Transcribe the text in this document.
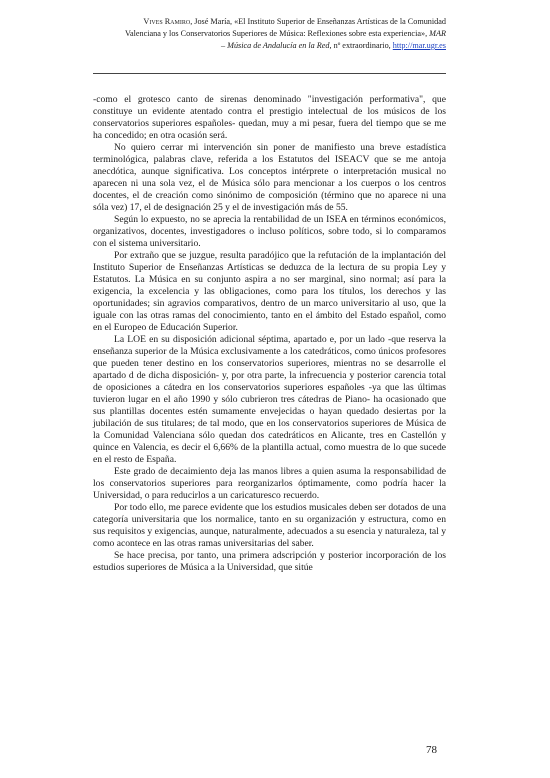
Vives Ramiro, José María, «El Instituto Superior de Enseñanzas Artísticas de la Comunidad
Valenciana y los Conservatorios Superiores de Música: Reflexiones sobre esta experiencia», MAR
– Música de Andalucía en la Red, nº extraordinario, http://mar.ugr.es

-como el grotesco canto de sirenas denominado "investigación performativa", que constituye un evidente atentado contra el prestigio intelectual de los músicos de los conservatorios superiores españoles- quedan, muy a mi pesar, fuera del tiempo que se me ha concedido; en otra ocasión será.

No quiero cerrar mi intervención sin poner de manifiesto una breve estadística terminológica, palabras clave, referida a los Estatutos del ISEACV que se me antoja anecdótica, aunque significativa. Los conceptos intérprete o interpretación musical no aparecen ni una sola vez, el de Música sólo para mencionar a los cuerpos o los centros docentes, el de creación como sinónimo de composición (término que no aparece ni una sóla vez) 17, el de designación 25 y el de investigación más de 55.

Según lo expuesto, no se aprecia la rentabilidad de un ISEA en términos económicos, organizativos, docentes, investigadores o incluso políticos, sobre todo, si lo comparamos con el sistema universitario.

Por extraño que se juzgue, resulta paradójico que la refutación de la implantación del Instituto Superior de Enseñanzas Artísticas se deduzca de la lectura de su propia Ley y Estatutos. La Música en su conjunto aspira a no ser marginal, sino normal; así para la exigencia, la excelencia y las obligaciones, como para los títulos, los derechos y las oportunidades; sin agravios comparativos, dentro de un marco universitario al uso, que la iguale con las otras ramas del conocimiento, tanto en el ámbito del Estado español, como en el Europeo de Educación Superior.

La LOE en su disposición adicional séptima, apartado e, por un lado -que reserva la enseñanza superior de la Música exclusivamente a los catedráticos, como únicos profesores que pueden tener destino en los conservatorios superiores, mientras no se desarrolle el apartado d de dicha disposición- y, por otra parte, la infrecuencia y posterior carencia total de oposiciones a cátedra en los conservatorios superiores españoles -ya que las últimas tuvieron lugar en el año 1990 y sólo cubrieron tres cátedras de Piano- ha ocasionado que sus plantillas docentes estén sumamente envejecidas o hayan quedado desiertas por la jubilación de sus titulares; de tal modo, que en los conservatorios superiores de Música de la Comunidad Valenciana sólo quedan dos catedráticos en Alicante, tres en Castellón y quince en Valencia, es decir el 6,66% de la plantilla actual, como muestra de lo que sucede en el resto de España.

Este grado de decaimiento deja las manos libres a quien asuma la responsabilidad de los conservatorios superiores para reorganizarlos óptimamente, como podría hacer la Universidad, o para reducirlos a un caricaturesco recuerdo.

Por todo ello, me parece evidente que los estudios musicales deben ser dotados de una categoría universitaria que los normalice, tanto en su organización y estructura, como en sus requisitos y exigencias, aunque, naturalmente, adecuados a su esencia y naturaleza, tal y como acontece en las otras ramas universitarias del saber.

Se hace precisa, por tanto, una primera adscripción y posterior incorporación de los estudios superiores de Música a la Universidad, que sitúe

78
